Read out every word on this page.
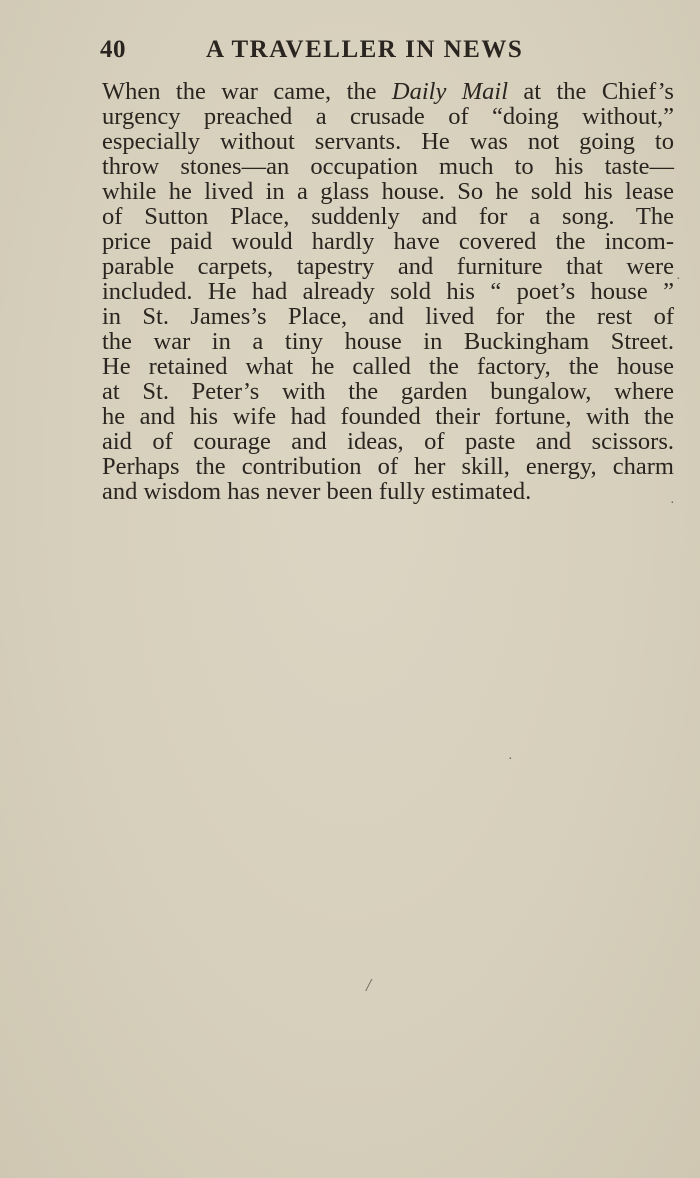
40	A TRAVELLER IN NEWS
When the war came, the Daily Mail at the Chief’s
urgency preached a crusade of “doing without,”
especially without servants. He was not going to
throw stones—an occupation much to his taste—
while he lived in a glass house. So he sold his lease
of Sutton Place, suddenly and for a song. The
price paid would hardly have covered the incom-
parable carpets, tapestry and furniture that were
included. He had already sold his “ poet’s house ”
in St. James’s Place, and lived for the rest of
the war in a tiny house in Buckingham Street.
He retained what he called the factory, the house
at St. Peter’s with the garden bungalow, where
he and his wife had founded their fortune, with the
aid of courage and ideas, of paste and scissors.
Perhaps the contribution of her skill, energy, charm
and wisdom has never been fully estimated.
·
·
/
·
